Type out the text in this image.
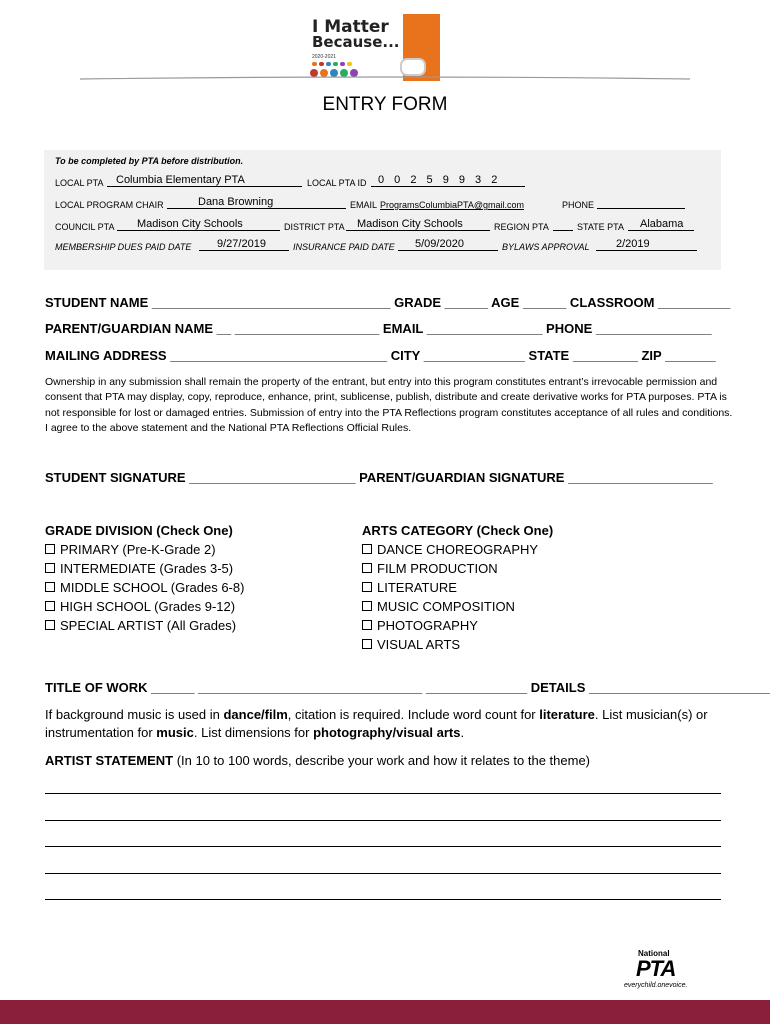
I Matter
Because...
2020-2021
ENTRY FORM
To be completed by PTA before distribution.
LOCAL PTA Columbia Elementary PTA	LOCAL PTA ID 0 0 2 5 9 9 3 2
LOCAL PROGRAM CHAIR	Dana Browning	EMAIL ProgramsColumbiaPTA@gmail.com	PHONE
COUNCIL PTA Madison City Schools	DISTRICT PTA Madison City Schools	REGION PTA	STATE PTA Alabama
MEMBERSHIP DUES PAID DATE 9/27/2019	INSURANCE PAID DATE 5/09/2020	BYLAWS APPROVAL 2/2019
STUDENT NAME _________________________________ GRADE ______ AGE ______ CLASSROOM __________
PARENT/GUARDIAN NAME __ ____________________ EMAIL ________________ PHONE ________________
MAILING ADDRESS ______________________________ CITY ______________ STATE _________ ZIP _______
Ownership in any submission shall remain the property of the entrant, but entry into this program constitutes entrant’s irrevocable permission and consent that PTA may display, copy, reproduce, enhance, print, sublicense, publish, distribute and create derivative works for PTA purposes. PTA is not responsible for lost or damaged entries. Submission of entry into the PTA Reflections program constitutes acceptance of all rules and conditions. I agree to the above statement and the National PTA Reflections Official Rules.
STUDENT SIGNATURE _______________________ PARENT/GUARDIAN SIGNATURE ____________________
GRADE DIVISION (Check One)
PRIMARY (Pre-K-Grade 2)
INTERMEDIATE (Grades 3-5)
MIDDLE SCHOOL (Grades 6-8)
HIGH SCHOOL (Grades 9-12)
SPECIAL ARTIST (All Grades)
ARTS CATEGORY (Check One)
DANCE CHOREOGRAPHY
FILM PRODUCTION
LITERATURE
MUSIC COMPOSITION
PHOTOGRAPHY
VISUAL ARTS
TITLE OF WORK ______ _______________________________ ______________ DETAILS _________________________
If background music is used in dance/film, citation is required. Include word count for literature. List musician(s) or instrumentation for music. List dimensions for photography/visual arts.
ARTIST STATEMENT (In 10 to 100 words, describe your work and how it relates to the theme)
National
PTA
everychild.onevoice.
